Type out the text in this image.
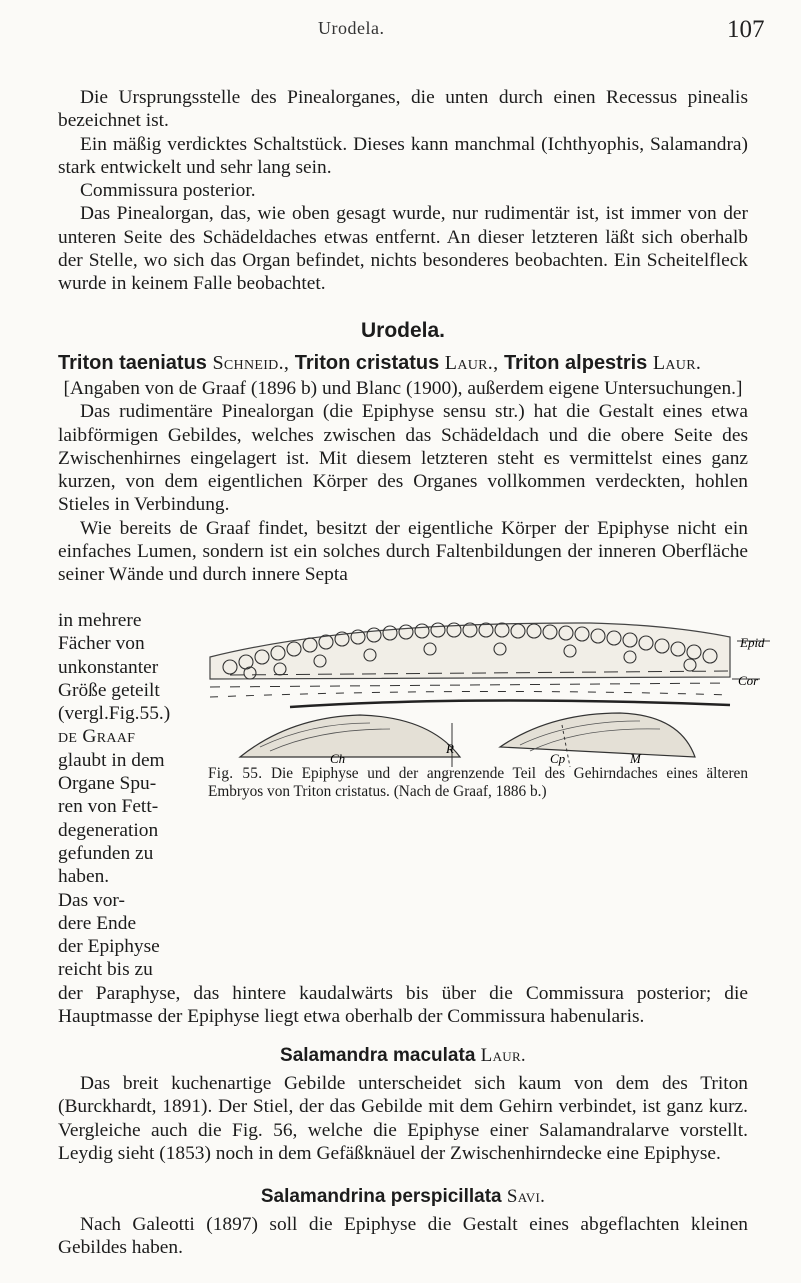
Urodela.	107

Die Ursprungsstelle des Pinealorganes, die unten durch einen Recessus pinealis bezeichnet ist.

Ein mäßig verdicktes Schaltstück. Dieses kann manchmal (Ichthyophis, Salamandra) stark entwickelt und sehr lang sein.

Commissura posterior.

Das Pinealorgan, das, wie oben gesagt wurde, nur rudimentär ist, ist immer von der unteren Seite des Schädeldaches etwas entfernt. An dieser letzteren läßt sich oberhalb der Stelle, wo sich das Organ befindet, nichts besonderes beobachten. Ein Scheitelfleck wurde in keinem Falle beobachtet.

Urodela.
Triton taeniatus Schneid., Triton cristatus Laur., Triton alpestris Laur.

[Angaben von de Graaf (1896 b) und Blanc (1900), außerdem eigene Untersuchungen.]

Das rudimentäre Pinealorgan (die Epiphyse sensu str.) hat die Gestalt eines etwa laibförmigen Gebildes, welches zwischen das Schädeldach und die obere Seite des Zwischenhirnes eingelagert ist. Mit diesem letzteren steht es vermittelst eines ganz kurzen, von dem eigentlichen Körper des Organes vollkommen verdeckten, hohlen Stieles in Verbindung.

Wie bereits de Graaf findet, besitzt der eigentliche Körper der Epiphyse nicht ein einfaches Lumen, sondern ist ein solches durch Faltenbildungen der inneren Oberfläche seiner Wände und durch innere Septa

in mehrere
Fächer von
unkonstanter
Größe geteilt
(vergl.Fig.55.)
de Graaf
glaubt in dem
Organe Spu-
ren von Fett-
degeneration
gefunden zu
haben.
Das vor-
dere Ende
der Epiphyse
reicht bis zu
Epid
Cor
Ch
R
Cp	M
Fig. 55. Die Epiphyse und der angrenzende Teil des Gehirndaches eines älteren Embryos von Triton cristatus. (Nach de Graaf, 1886 b.)

der Paraphyse, das hintere kaudalwärts bis über die Commissura posterior; die Hauptmasse der Epiphyse liegt etwa oberhalb der Commissura habenularis.

Salamandra maculata Laur.

Das breit kuchenartige Gebilde unterscheidet sich kaum von dem des Triton (Burckhardt, 1891). Der Stiel, der das Gebilde mit dem Gehirn verbindet, ist ganz kurz. Vergleiche auch die Fig. 56, welche die Epiphyse einer Salamandralarve vorstellt. Leydig sieht (1853) noch in dem Gefäßknäuel der Zwischenhirndecke eine Epiphyse.

Salamandrina perspicillata Savi.

Nach Galeotti (1897) soll die Epiphyse die Gestalt eines abgeflachten kleinen Gebildes haben.
